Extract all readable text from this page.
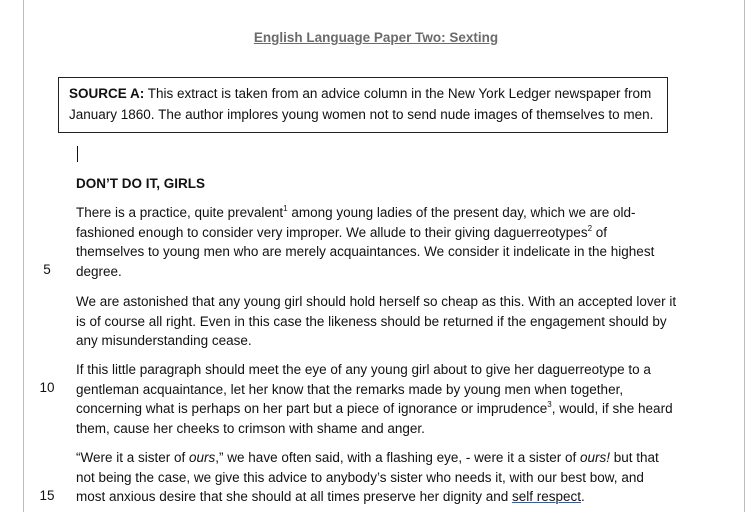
English Language Paper Two: Sexting
SOURCE A: This extract is taken from an advice column in the New York Ledger newspaper from
January 1860. The author implores young women not to send nude images of themselves to men.
DON’T DO IT, GIRLS
There is a practice, quite prevalent$^1$ among young ladies of the present day, which we are old-
fashioned enough to consider very improper. We allude to their giving daguerreotypes$^2$ of
themselves to young men who are merely acquaintances. We consider it indelicate in the highest
degree.
We are astonished that any young girl should hold herself so cheap as this. With an accepted lover it
is of course all right. Even in this case the likeness should be returned if the engagement should by
any misunderstanding cease.
If this little paragraph should meet the eye of any young girl about to give her daguerreotype to a
gentleman acquaintance, let her know that the remarks made by young men when together,
concerning what is perhaps on her part but a piece of ignorance or imprudence$^3$, would, if she heard
them, cause her cheeks to crimson with shame and anger.
“Were it a sister of ours,” we have often said, with a flashing eye, - were it a sister of ours! but that
not being the case, we give this advice to anybody’s sister who needs it, with our best bow, and
most anxious desire that she should at all times preserve her dignity and self respect.
5
10
15
